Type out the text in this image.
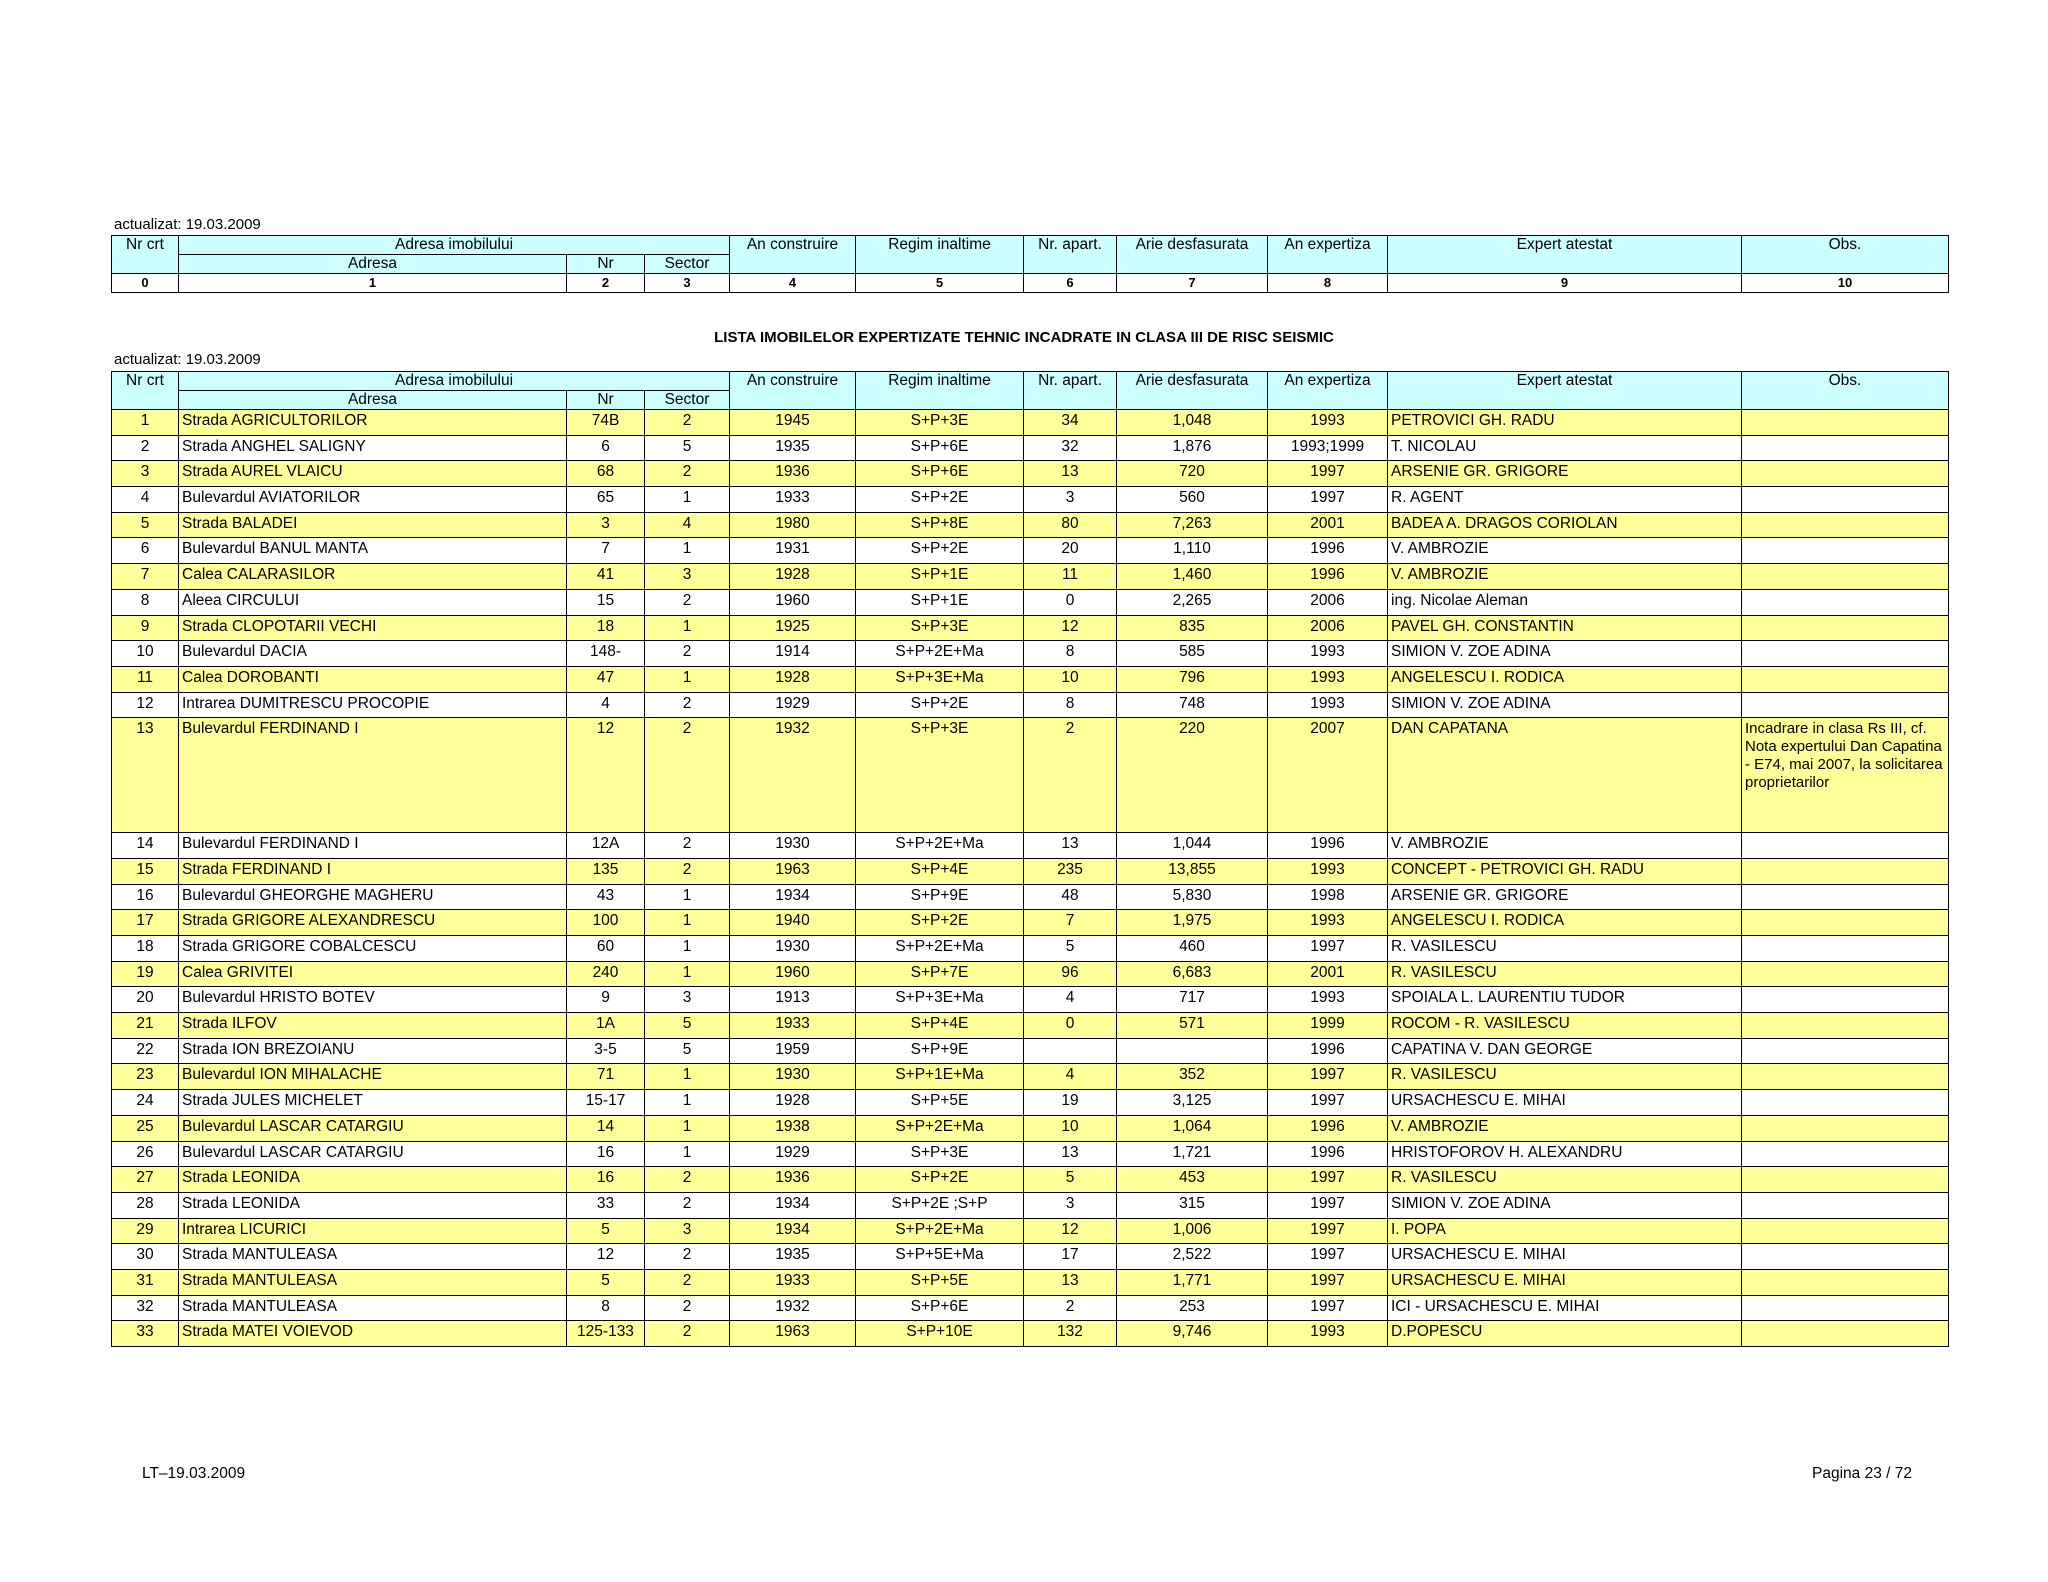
actualizat: 19.03.2009
Nr crt	Adresa imobilului			An construire	Regim inaltime	Nr. apart.	Arie desfasurata	An expertiza	Expert atestat	Obs.
	Adresa	Nr	Sector							
0	1	2	3	4	5	6	7	8	9	10
LISTA IMOBILELOR EXPERTIZATE TEHNIC INCADRATE IN CLASA III DE RISC SEISMIC
actualizat: 19.03.2009
Nr crt	Adresa imobilului			An construire	Regim inaltime	Nr. apart.	Arie desfasurata	An expertiza	Expert atestat	Obs.
	Adresa	Nr	Sector							
1	Strada AGRICULTORILOR	74B	2	1945	S+P+3E	34	1,048	1993	PETROVICI GH. RADU	
2	Strada ANGHEL SALIGNY	6	5	1935	S+P+6E	32	1,876	1993;1999	T. NICOLAU	
3	Strada AUREL VLAICU	68	2	1936	S+P+6E	13	720	1997	ARSENIE GR. GRIGORE	
4	Bulevardul AVIATORILOR	65	1	1933	S+P+2E	3	560	1997	R. AGENT	
5	Strada BALADEI	3	4	1980	S+P+8E	80	7,263	2001	BADEA A. DRAGOS CORIOLAN	
6	Bulevardul BANUL MANTA	7	1	1931	S+P+2E	20	1,110	1996	V. AMBROZIE	
7	Calea CALARASILOR	41	3	1928	S+P+1E	11	1,460	1996	V. AMBROZIE	
8	Aleea CIRCULUI	15	2	1960	S+P+1E	0	2,265	2006	ing. Nicolae Aleman	
9	Strada CLOPOTARII VECHI	18	1	1925	S+P+3E	12	835	2006	PAVEL GH. CONSTANTIN	
10	Bulevardul DACIA	148-	2	1914	S+P+2E+Ma	8	585	1993	SIMION V. ZOE ADINA	
11	Calea DOROBANTI	47	1	1928	S+P+3E+Ma	10	796	1993	ANGELESCU I. RODICA	
12	Intrarea DUMITRESCU PROCOPIE	4	2	1929	S+P+2E	8	748	1993	SIMION V. ZOE ADINA	
13	Bulevardul FERDINAND I	12	2	1932	S+P+3E	2	220	2007	DAN CAPATANA	Incadrare in clasa Rs III, cf. Nota expertului Dan Capatina - E74, mai 2007, la solicitarea proprietarilor
14	Bulevardul FERDINAND I	12A	2	1930	S+P+2E+Ma	13	1,044	1996	V. AMBROZIE	
15	Strada FERDINAND I	135	2	1963	S+P+4E	235	13,855	1993	CONCEPT - PETROVICI GH. RADU	
16	Bulevardul GHEORGHE MAGHERU	43	1	1934	S+P+9E	48	5,830	1998	ARSENIE GR. GRIGORE	
17	Strada GRIGORE ALEXANDRESCU	100	1	1940	S+P+2E	7	1,975	1993	ANGELESCU I. RODICA	
18	Strada GRIGORE COBALCESCU	60	1	1930	S+P+2E+Ma	5	460	1997	R. VASILESCU	
19	Calea GRIVITEI	240	1	1960	S+P+7E	96	6,683	2001	R. VASILESCU	
20	Bulevardul HRISTO BOTEV	9	3	1913	S+P+3E+Ma	4	717	1993	SPOIALA L. LAURENTIU TUDOR	
21	Strada ILFOV	1A	5	1933	S+P+4E	0	571	1999	ROCOM - R. VASILESCU	
22	Strada ION BREZOIANU	3-5	5	1959	S+P+9E			1996	CAPATINA V. DAN GEORGE	
23	Bulevardul ION MIHALACHE	71	1	1930	S+P+1E+Ma	4	352	1997	R. VASILESCU	
24	Strada JULES MICHELET	15-17	1	1928	S+P+5E	19	3,125	1997	URSACHESCU E. MIHAI	
25	Bulevardul LASCAR CATARGIU	14	1	1938	S+P+2E+Ma	10	1,064	1996	V. AMBROZIE	
26	Bulevardul LASCAR CATARGIU	16	1	1929	S+P+3E	13	1,721	1996	HRISTOFOROV H. ALEXANDRU	
27	Strada LEONIDA	16	2	1936	S+P+2E	5	453	1997	R. VASILESCU	
28	Strada LEONIDA	33	2	1934	S+P+2E ;S+P	3	315	1997	SIMION V. ZOE ADINA	
29	Intrarea LICURICI	5	3	1934	S+P+2E+Ma	12	1,006	1997	I. POPA	
30	Strada MANTULEASA	12	2	1935	S+P+5E+Ma	17	2,522	1997	URSACHESCU E. MIHAI	
31	Strada MANTULEASA	5	2	1933	S+P+5E	13	1,771	1997	URSACHESCU E. MIHAI	
32	Strada MANTULEASA	8	2	1932	S+P+6E	2	253	1997	ICI - URSACHESCU E. MIHAI	
33	Strada MATEI VOIEVOD	125-133	2	1963	S+P+10E	132	9,746	1993	D.POPESCU	
LT–19.03.2009	Pagina 23 / 72
